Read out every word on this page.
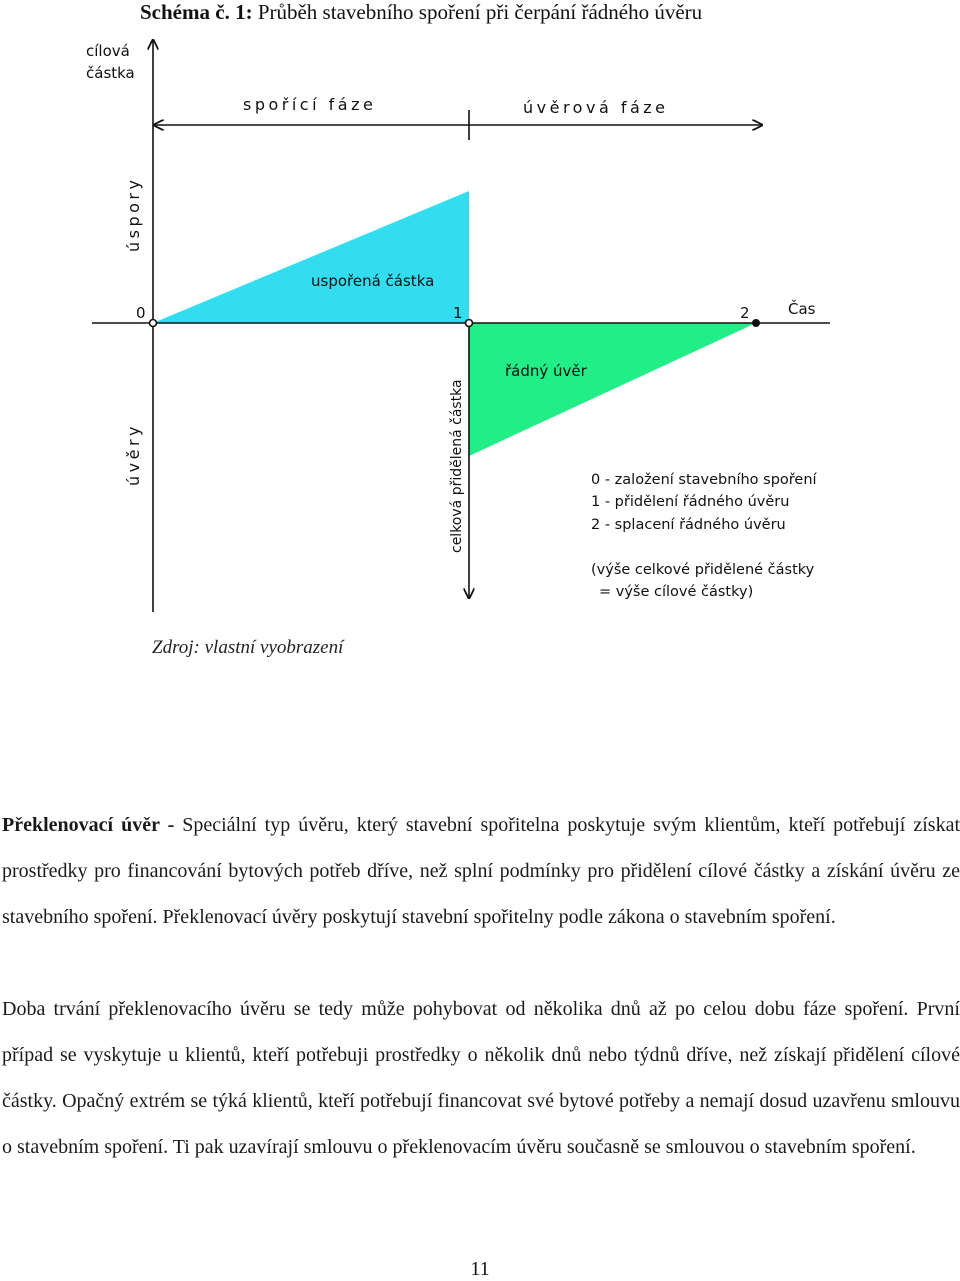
Schéma č. 1: Průběh stavebního spoření při čerpání řádného úvěru
cílová
částka
spořící fáze	úvěrová fáze
úspory
úvěry
uspořená částka
řádný úvěr
celková přidělená částka
0	1	2	Čas
0 - založení stavebního spoření
1 - přidělení řádného úvěru
2 - splacení řádného úvěru
(výše celkové přidělené částky
= výše cílové částky)
Zdroj: vlastní vyobrazení

Překlenovací úvěr - Speciální typ úvěru, který stavební spořitelna poskytuje svým klientům, kteří potřebují získat prostředky pro financování bytových potřeb dříve, než splní podmínky pro přidělení cílové částky a získání úvěru ze stavebního spoření. Překlenovací úvěry poskytují stavební spořitelny podle zákona o stavebním spoření.

Doba trvání překlenovacího úvěru se tedy může pohybovat od několika dnů až po celou dobu fáze spoření. První případ se vyskytuje u klientů, kteří potřebuji prostředky o několik dnů nebo týdnů dříve, než získají přidělení cílové částky. Opačný extrém se týká klientů, kteří potřebují financovat své bytové potřeby a nemají dosud uzavřenu smlouvu o stavebním spoření. Ti pak uzavírají smlouvu o překlenovacím úvěru současně se smlouvou o stavebním spoření.

11
